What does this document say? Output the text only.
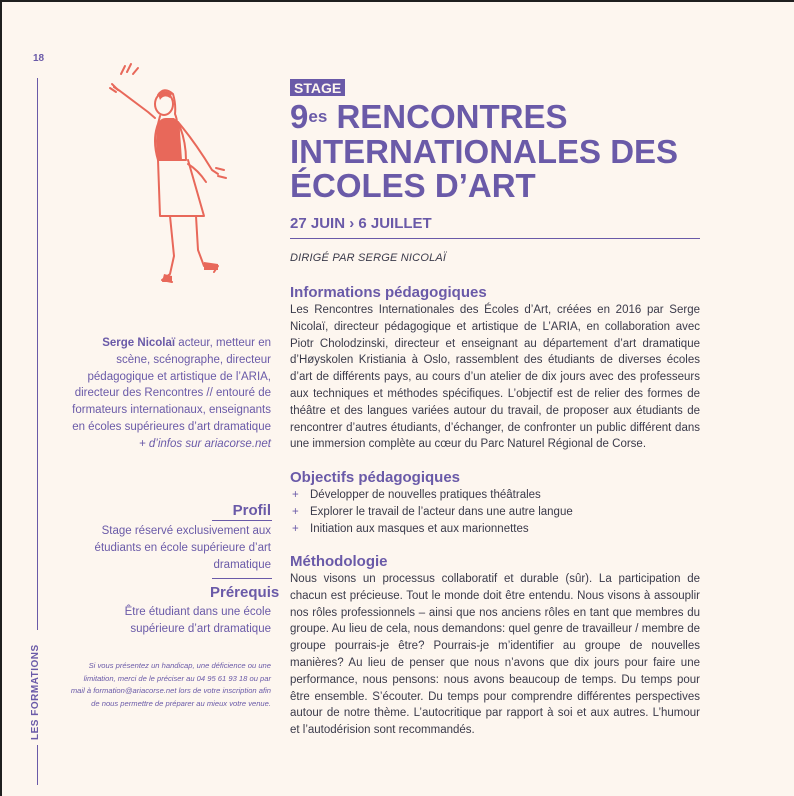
18
LES FORMATIONS
Serge Nicolaï acteur, metteur en scène, scénographe, directeur pédagogique et artistique de l’ARIA, directeur des Rencontres // entouré de formateurs internationaux, enseignants en écoles supérieures d’art dramatique
+ d’infos sur ariacorse.net
Profil
Stage réservé exclusivement aux étudiants en école supérieure d’art dramatique
Prérequis
Être étudiant dans une école supérieure d’art dramatique
Si vous présentez un handicap, une déficience ou une limitation, merci de le préciser au 04 95 61 93 18 ou par mail à formation@ariacorse.net lors de votre inscription afin de nous permettre de préparer au mieux votre venue.
STAGE
$9^{es}$ RENCONTRES
INTERNATIONALES DES
ÉCOLES D’ART
27 JUIN › 6 JUILLET
DIRIGÉ PAR SERGE NICOLAÏ
Informations pédagogiques
Les Rencontres Internationales des Écoles d’Art, créées en 2016 par Serge Nicolaï, directeur pédagogique et artistique de L’ARIA, en collaboration avec Piotr Cholodzinski, directeur et enseignant au département d’art dramatique d’Høyskolen Kristiania à Oslo, rassemblent des étudiants de diverses écoles d’art de différents pays, au cours d’un atelier de dix jours avec des professeurs aux techniques et méthodes spécifiques. L’objectif est de relier des formes de théâtre et des langues variées autour du travail, de proposer aux étudiants de rencontrer d’autres étudiants, d’échanger, de confronter un public différent dans une immersion complète au cœur du Parc Naturel Régional de Corse.
Objectifs pédagogiques
+ Développer de nouvelles pratiques théâtrales
+ Explorer le travail de l’acteur dans une autre langue
+ Initiation aux masques et aux marionnettes
Méthodologie
Nous visons un processus collaboratif et durable (sûr). La participation de chacun est précieuse. Tout le monde doit être entendu. Nous visons à assouplir nos rôles professionnels – ainsi que nos anciens rôles en tant que membres du groupe. Au lieu de cela, nous demandons: quel genre de travailleur / membre de groupe pourrais-je être? Pourrais-je m’identifier au groupe de nouvelles manières? Au lieu de penser que nous n’avons que dix jours pour faire une performance, nous pensons: nous avons beaucoup de temps. Du temps pour être ensemble. S’écouter. Du temps pour comprendre différentes perspectives autour de notre thème. L’autocritique par rapport à soi et aux autres. L’humour et l’autodérision sont recommandés.
